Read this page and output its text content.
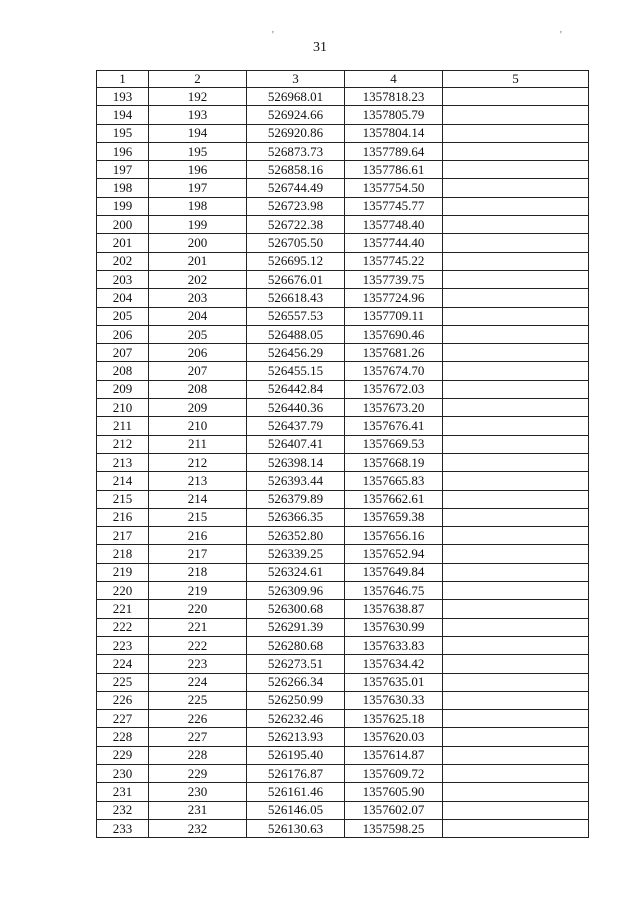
'	'
31
1	2	3	4	5
193	192	526968.01	1357818.23	
194	193	526924.66	1357805.79	
195	194	526920.86	1357804.14	
196	195	526873.73	1357789.64	
197	196	526858.16	1357786.61	
198	197	526744.49	1357754.50	
199	198	526723.98	1357745.77	
200	199	526722.38	1357748.40	
201	200	526705.50	1357744.40	
202	201	526695.12	1357745.22	
203	202	526676.01	1357739.75	
204	203	526618.43	1357724.96	
205	204	526557.53	1357709.11	
206	205	526488.05	1357690.46	
207	206	526456.29	1357681.26	
208	207	526455.15	1357674.70	
209	208	526442.84	1357672.03	
210	209	526440.36	1357673.20	
211	210	526437.79	1357676.41	
212	211	526407.41	1357669.53	
213	212	526398.14	1357668.19	
214	213	526393.44	1357665.83	
215	214	526379.89	1357662.61	
216	215	526366.35	1357659.38	
217	216	526352.80	1357656.16	
218	217	526339.25	1357652.94	
219	218	526324.61	1357649.84	
220	219	526309.96	1357646.75	
221	220	526300.68	1357638.87	
222	221	526291.39	1357630.99	
223	222	526280.68	1357633.83	
224	223	526273.51	1357634.42	
225	224	526266.34	1357635.01	
226	225	526250.99	1357630.33	
227	226	526232.46	1357625.18	
228	227	526213.93	1357620.03	
229	228	526195.40	1357614.87	
230	229	526176.87	1357609.72	
231	230	526161.46	1357605.90	
232	231	526146.05	1357602.07	
233	232	526130.63	1357598.25	
